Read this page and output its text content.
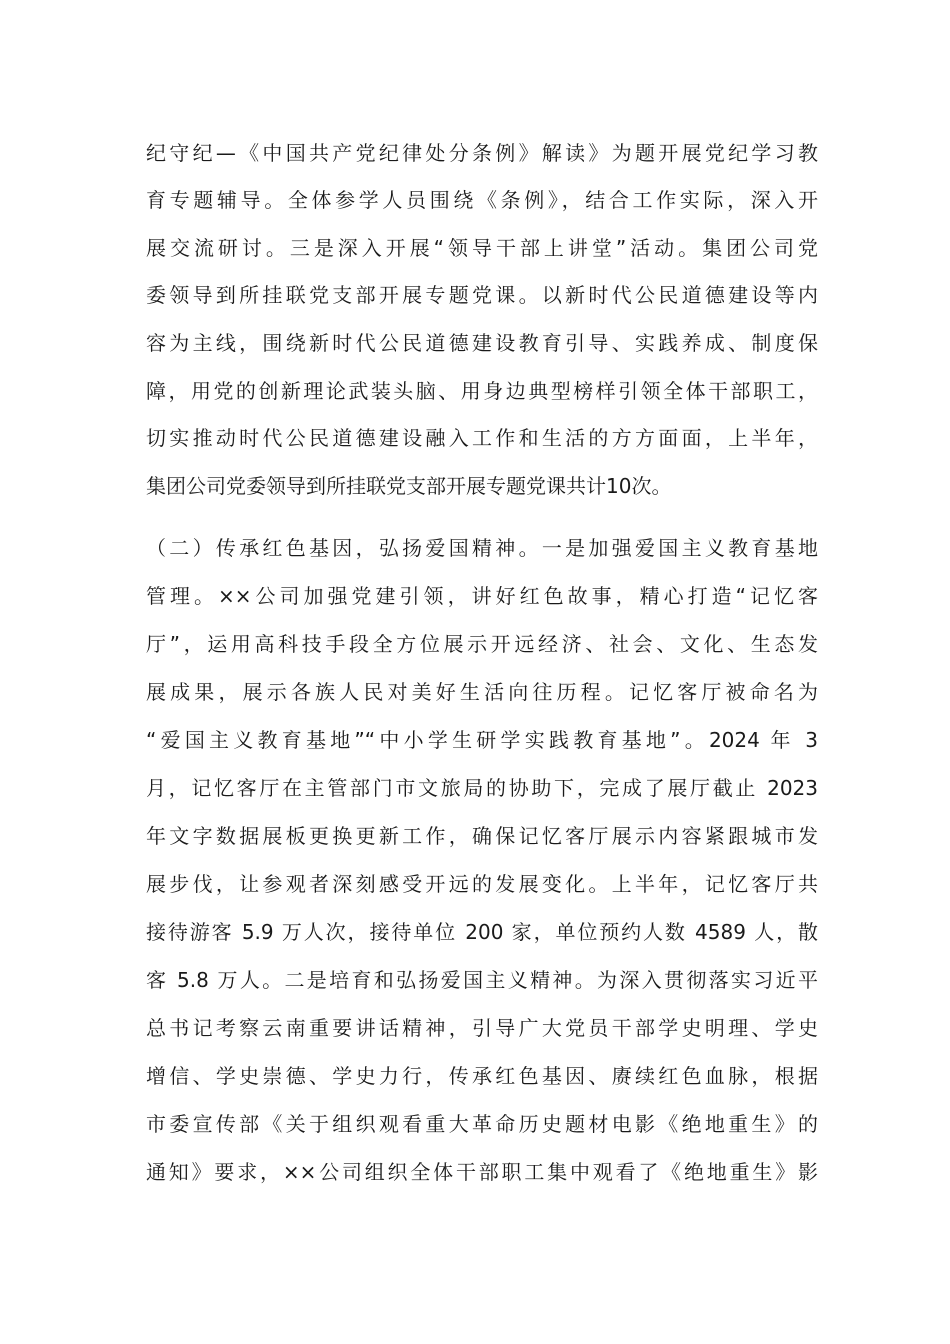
纪守纪—《中国共产党纪律处分条例》解读》为题开展党纪学习教
育专题辅导。全体参学人员围绕《条例》，结合工作实际，深入开
展交流研讨。三是深入开展“领导干部上讲堂”活动。集团公司党
委领导到所挂联党支部开展专题党课。以新时代公民道德建设等内
容为主线，围绕新时代公民道德建设教育引导、实践养成、制度保
障，用党的创新理论武装头脑、用身边典型榜样引领全体干部职工，
切实推动时代公民道德建设融入工作和生活的方方面面，上半年，
集团公司党委领导到所挂联党支部开展专题党课共计10次。
（二）传承红色基因，弘扬爱国精神。一是加强爱国主义教育基地
管理。××公司加强党建引领，讲好红色故事，精心打造“记忆客
厅”，运用高科技手段全方位展示开远经济、社会、文化、生态发
展成果，展示各族人民对美好生活向往历程。记忆客厅被命名为
“爱国主义教育基地”“中小学生研学实践教育基地”。2024 年 3
月，记忆客厅在主管部门市文旅局的协助下，完成了展厅截止 2023
年文字数据展板更换更新工作，确保记忆客厅展示内容紧跟城市发
展步伐，让参观者深刻感受开远的发展变化。上半年，记忆客厅共
接待游客 5.9 万人次，接待单位 200 家，单位预约人数 4589 人，散
客 5.8 万人。二是培育和弘扬爱国主义精神。为深入贯彻落实习近平
总书记考察云南重要讲话精神，引导广大党员干部学史明理、学史
增信、学史崇德、学史力行，传承红色基因、赓续红色血脉，根据
市委宣传部《关于组织观看重大革命历史题材电影《绝地重生》的
通知》要求，××公司组织全体干部职工集中观看了《绝地重生》影
